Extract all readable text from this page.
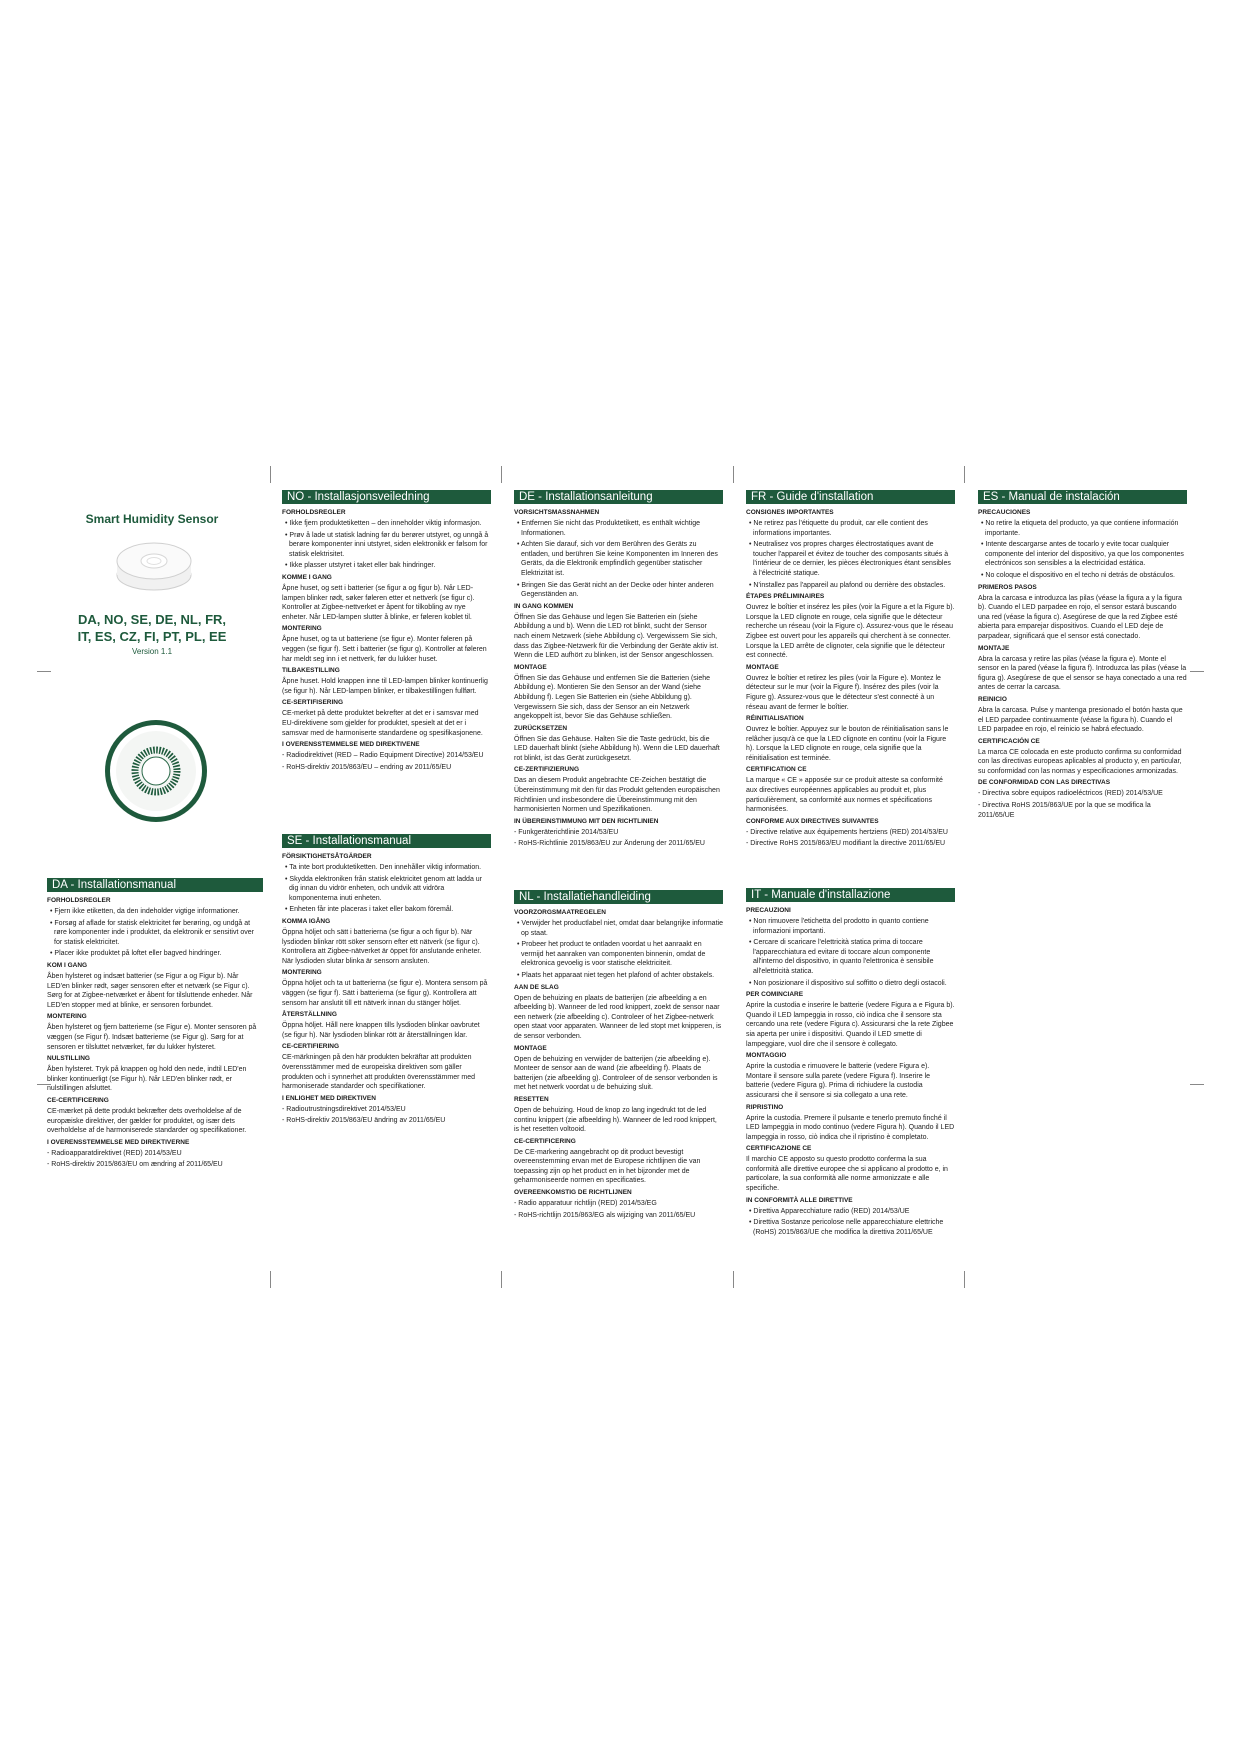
Smart Humidity Sensor
DA, NO, SE, DE, NL, FR,
IT, ES, CZ, FI, PT, PL, EE
Version 1.1
DA - Installationsmanual

FORHOLDSREGLER

• Fjern ikke etiketten, da den indeholder vigtige informationer.

• Forsøg af aflade for statisk elektricitet før berøring, og undgå at røre komponenter inde i produktet, da elektronik er sensitivt over for statisk elektricitet.

• Placer ikke produktet på loftet eller bagved hindringer.

KOM I GANG

Åben hylsteret og indsæt batterier (se Figur a og Figur b). Når LED'en blinker rødt, søger sensoren efter et netværk (se Figur c). Sørg for at Zigbee-netværket er åbent for tilsluttende enheder. Når LED'en stopper med at blinke, er sensoren forbundet.

MONTERING

Åben hylsteret og fjern batterierne (se Figur e). Monter sensoren på væggen (se Figur f). Indsæt batterierne (se Figur g). Sørg for at sensoren er tilsluttet netværket, før du lukker hylsteret.

NULSTILLING

Åben hylsteret. Tryk på knappen og hold den nede, indtil LED'en blinker kontinuerligt (se Figur h). Når LED'en blinker rødt, er nulstillingen afsluttet.

CE-CERTIFICERING

CE-mærket på dette produkt bekræfter dets overholdelse af de europæiske direktiver, der gælder for produktet, og især dets overholdelse af de harmoniserede standarder og specifikationer.

I OVERENSSTEMMELSE MED DIREKTIVERNE

- Radioapparatdirektivet (RED) 2014/53/EU

- RoHS-direktiv 2015/863/EU om ændring af 2011/65/EU

NO - Installasjonsveiledning

FORHOLDSREGLER

• Ikke fjern produktetiketten – den inneholder viktig informasjon.

• Prøv å lade ut statisk ladning før du berører utstyret, og unngå å berøre komponenter inni utstyret, siden elektronikk er følsom for statisk elektrisitet.

• Ikke plasser utstyret i taket eller bak hindringer.

KOMME I GANG

Åpne huset, og sett i batterier (se figur a og figur b). Når LED-lampen blinker rødt, søker føleren etter et nettverk (se figur c). Kontroller at Zigbee-nettverket er åpent for tilkobling av nye enheter. Når LED-lampen slutter å blinke, er føleren koblet til.

MONTERING

Åpne huset, og ta ut batteriene (se figur e). Monter føleren på veggen (se figur f). Sett i batterier (se figur g). Kontroller at føleren har meldt seg inn i et nettverk, før du lukker huset.

TILBAKESTILLING

Åpne huset. Hold knappen inne til LED-lampen blinker kontinuerlig (se figur h). Når LED-lampen blinker, er tilbakestillingen fullført.

CE-SERTIFISERING

CE-merket på dette produktet bekrefter at det er i samsvar med EU-direktivene som gjelder for produktet, spesielt at det er i samsvar med de harmoniserte standardene og spesifikasjonene.

I OVERENSSTEMMELSE MED DIREKTIVENE

- Radiodirektivet (RED – Radio Equipment Directive) 2014/53/EU

- RoHS-direktiv 2015/863/EU – endring av 2011/65/EU

SE - Installationsmanual

FÖRSIKTIGHETSÅTGÄRDER

• Ta inte bort produktetiketten. Den innehåller viktig information.

• Skydda elektroniken från statisk elektricitet genom att ladda ur dig innan du vidrör enheten, och undvik att vidröra komponenterna inuti enheten.

• Enheten får inte placeras i taket eller bakom föremål.

KOMMA IGÅNG

Öppna höljet och sätt i batterierna (se figur a och figur b). När lysdioden blinkar rött söker sensorn efter ett nätverk (se figur c). Kontrollera att Zigbee-nätverket är öppet för anslutande enheter. När lysdioden slutar blinka är sensorn ansluten.

MONTERING

Öppna höljet och ta ut batterierna (se figur e). Montera sensorn på väggen (se figur f). Sätt i batterierna (se figur g). Kontrollera att sensorn har anslutit till ett nätverk innan du stänger höljet.

ÅTERSTÄLLNING

Öppna höljet. Håll nere knappen tills lysdioden blinkar oavbrutet (se figur h). När lysdioden blinkar rött är återställningen klar.

CE-CERTIFIERING

CE-märkningen på den här produkten bekräftar att produkten överensstämmer med de europeiska direktiven som gäller produkten och i synnerhet att produkten överensstämmer med harmoniserade standarder och specifikationer.

I ENLIGHET MED DIREKTIVEN

- Radioutrustningsdirektivet 2014/53/EU

- RoHS-direktiv 2015/863/EU ändring av 2011/65/EU

DE - Installationsanleitung

VORSICHTSMASSNAHMEN

• Entfernen Sie nicht das Produktetikett, es enthält wichtige Informationen.

• Achten Sie darauf, sich vor dem Berühren des Geräts zu entladen, und berühren Sie keine Komponenten im Inneren des Geräts, da die Elektronik empfindlich gegenüber statischer Elektrizität ist.

• Bringen Sie das Gerät nicht an der Decke oder hinter anderen Gegenständen an.

IN GANG KOMMEN

Öffnen Sie das Gehäuse und legen Sie Batterien ein (siehe Abbildung a und b). Wenn die LED rot blinkt, sucht der Sensor nach einem Netzwerk (siehe Abbildung c). Vergewissern Sie sich, dass das Zigbee-Netzwerk für die Verbindung der Geräte aktiv ist. Wenn die LED aufhört zu blinken, ist der Sensor angeschlossen.

MONTAGE

Öffnen Sie das Gehäuse und entfernen Sie die Batterien (siehe Abbildung e). Montieren Sie den Sensor an der Wand (siehe Abbildung f). Legen Sie Batterien ein (siehe Abbildung g). Vergewissern Sie sich, dass der Sensor an ein Netzwerk angekoppelt ist, bevor Sie das Gehäuse schließen.

ZURÜCKSETZEN

Öffnen Sie das Gehäuse. Halten Sie die Taste gedrückt, bis die LED dauerhaft blinkt (siehe Abbildung h). Wenn die LED dauerhaft rot blinkt, ist das Gerät zurückgesetzt.

CE-ZERTIFIZIERUNG

Das an diesem Produkt angebrachte CE-Zeichen bestätigt die Übereinstimmung mit den für das Produkt geltenden europäischen Richtlinien und insbesondere die Übereinstimmung mit den harmonisierten Normen und Spezifikationen.

IN ÜBEREINSTIMMUNG MIT DEN RICHTLINIEN

- Funkgeräterichtlinie 2014/53/EU

- RoHS-Richtlinie 2015/863/EU zur Änderung der 2011/65/EU

NL - Installatiehandleiding

VOORZORGSMAATREGELEN

• Verwijder het productlabel niet, omdat daar belangrijke informatie op staat.

• Probeer het product te ontladen voordat u het aanraakt en vermijd het aanraken van componenten binnenin, omdat de elektronica gevoelig is voor statische elektriciteit.

• Plaats het apparaat niet tegen het plafond of achter obstakels.

AAN DE SLAG

Open de behuizing en plaats de batterijen (zie afbeelding a en afbeelding b). Wanneer de led rood knippert, zoekt de sensor naar een netwerk (zie afbeelding c). Controleer of het Zigbee-netwerk open staat voor apparaten. Wanneer de led stopt met knipperen, is de sensor verbonden.

MONTAGE

Open de behuizing en verwijder de batterijen (zie afbeelding e). Monteer de sensor aan de wand (zie afbeelding f). Plaats de batterijen (zie afbeelding g). Controleer of de sensor verbonden is met het netwerk voordat u de behuizing sluit.

RESETTEN

Open de behuizing. Houd de knop zo lang ingedrukt tot de led continu knippert (zie afbeelding h). Wanneer de led rood knippert, is het resetten voltooid.

CE-CERTIFICERING

De CE-markering aangebracht op dit product bevestigt overeenstemming ervan met de Europese richtlijnen die van toepassing zijn op het product en in het bijzonder met de geharmoniseerde normen en specificaties.

OVEREENKOMSTIG DE RICHTLIJNEN

- Radio apparatuur richtlijn (RED) 2014/53/EG

- RoHS-richtlijn 2015/863/EG als wijziging van 2011/65/EU

FR - Guide d'installation

CONSIGNES IMPORTANTES

• Ne retirez pas l'étiquette du produit, car elle contient des informations importantes.

• Neutralisez vos propres charges électrostatiques avant de toucher l'appareil et évitez de toucher des composants situés à l'intérieur de ce dernier, les pièces électroniques étant sensibles à l'électricité statique.

• N'installez pas l'appareil au plafond ou derrière des obstacles.

ÉTAPES PRÉLIMINAIRES

Ouvrez le boîtier et insérez les piles (voir la Figure a et la Figure b). Lorsque la LED clignote en rouge, cela signifie que le détecteur recherche un réseau (voir la Figure c). Assurez-vous que le réseau Zigbee est ouvert pour les appareils qui cherchent à se connecter. Lorsque la LED arrête de clignoter, cela signifie que le détecteur est connecté.

MONTAGE

Ouvrez le boîtier et retirez les piles (voir la Figure e). Montez le détecteur sur le mur (voir la Figure f). Insérez des piles (voir la Figure g). Assurez-vous que le détecteur s'est connecté à un réseau avant de fermer le boîtier.

RÉINITIALISATION

Ouvrez le boîtier. Appuyez sur le bouton de réinitialisation sans le relâcher jusqu'à ce que la LED clignote en continu (voir la Figure h). Lorsque la LED clignote en rouge, cela signifie que la réinitialisation est terminée.

CERTIFICATION CE

La marque « CE » apposée sur ce produit atteste sa conformité aux directives européennes applicables au produit et, plus particulièrement, sa conformité aux normes et spécifications harmonisées.

CONFORME AUX DIRECTIVES SUIVANTES

- Directive relative aux équipements hertziens (RED) 2014/53/EU

- Directive RoHS 2015/863/EU modifiant la directive 2011/65/EU

IT - Manuale d'installazione

PRECAUZIONI

• Non rimuovere l'etichetta del prodotto in quanto contiene informazioni importanti.

• Cercare di scaricare l'elettricità statica prima di toccare l'apparecchiatura ed evitare di toccare alcun componente all'interno del dispositivo, in quanto l'elettronica è sensibile all'elettricità statica.

• Non posizionare il dispositivo sul soffitto o dietro degli ostacoli.

PER COMINCIARE

Aprire la custodia e inserire le batterie (vedere Figura a e Figura b). Quando il LED lampeggia in rosso, ciò indica che il sensore sta cercando una rete (vedere Figura c). Assicurarsi che la rete Zigbee sia aperta per unire i dispositivi. Quando il LED smette di lampeggiare, vuol dire che il sensore è collegato.

MONTAGGIO

Aprire la custodia e rimuovere le batterie (vedere Figura e). Montare il sensore sulla parete (vedere Figura f). Inserire le batterie (vedere Figura g). Prima di richiudere la custodia assicurarsi che il sensore si sia collegato a una rete.

RIPRISTINO

Aprire la custodia. Premere il pulsante e tenerlo premuto finché il LED lampeggia in modo continuo (vedere Figura h). Quando il LED lampeggia in rosso, ciò indica che il ripristino è completato.

CERTIFICAZIONE CE

Il marchio CE apposto su questo prodotto conferma la sua conformità alle direttive europee che si applicano al prodotto e, in particolare, la sua conformità alle norme armonizzate e alle specifiche.

IN CONFORMITÀ ALLE DIRETTIVE

• Direttiva Apparecchiature radio (RED) 2014/53/UE

• Direttiva Sostanze pericolose nelle apparecchiature elettriche (RoHS) 2015/863/UE che modifica la direttiva 2011/65/UE

ES - Manual de instalación

PRECAUCIONES

• No retire la etiqueta del producto, ya que contiene información importante.

• Intente descargarse antes de tocarlo y evite tocar cualquier componente del interior del dispositivo, ya que los componentes electrónicos son sensibles a la electricidad estática.

• No coloque el dispositivo en el techo ni detrás de obstáculos.

PRIMEROS PASOS

Abra la carcasa e introduzca las pilas (véase la figura a y la figura b). Cuando el LED parpadee en rojo, el sensor estará buscando una red (véase la figura c). Asegúrese de que la red Zigbee esté abierta para emparejar dispositivos. Cuando el LED deje de parpadear, significará que el sensor está conectado.

MONTAJE

Abra la carcasa y retire las pilas (véase la figura e). Monte el sensor en la pared (véase la figura f). Introduzca las pilas (véase la figura g). Asegúrese de que el sensor se haya conectado a una red antes de cerrar la carcasa.

REINICIO

Abra la carcasa. Pulse y mantenga presionado el botón hasta que el LED parpadee continuamente (véase la figura h). Cuando el LED parpadee en rojo, el reinicio se habrá efectuado.

CERTIFICACIÓN CE

La marca CE colocada en este producto confirma su conformidad con las directivas europeas aplicables al producto y, en particular, su conformidad con las normas y especificaciones armonizadas.

DE CONFORMIDAD CON LAS DIRECTIVAS

- Directiva sobre equipos radioeléctricos (RED) 2014/53/UE

- Directiva RoHS 2015/863/UE por la que se modifica la 2011/65/UE
